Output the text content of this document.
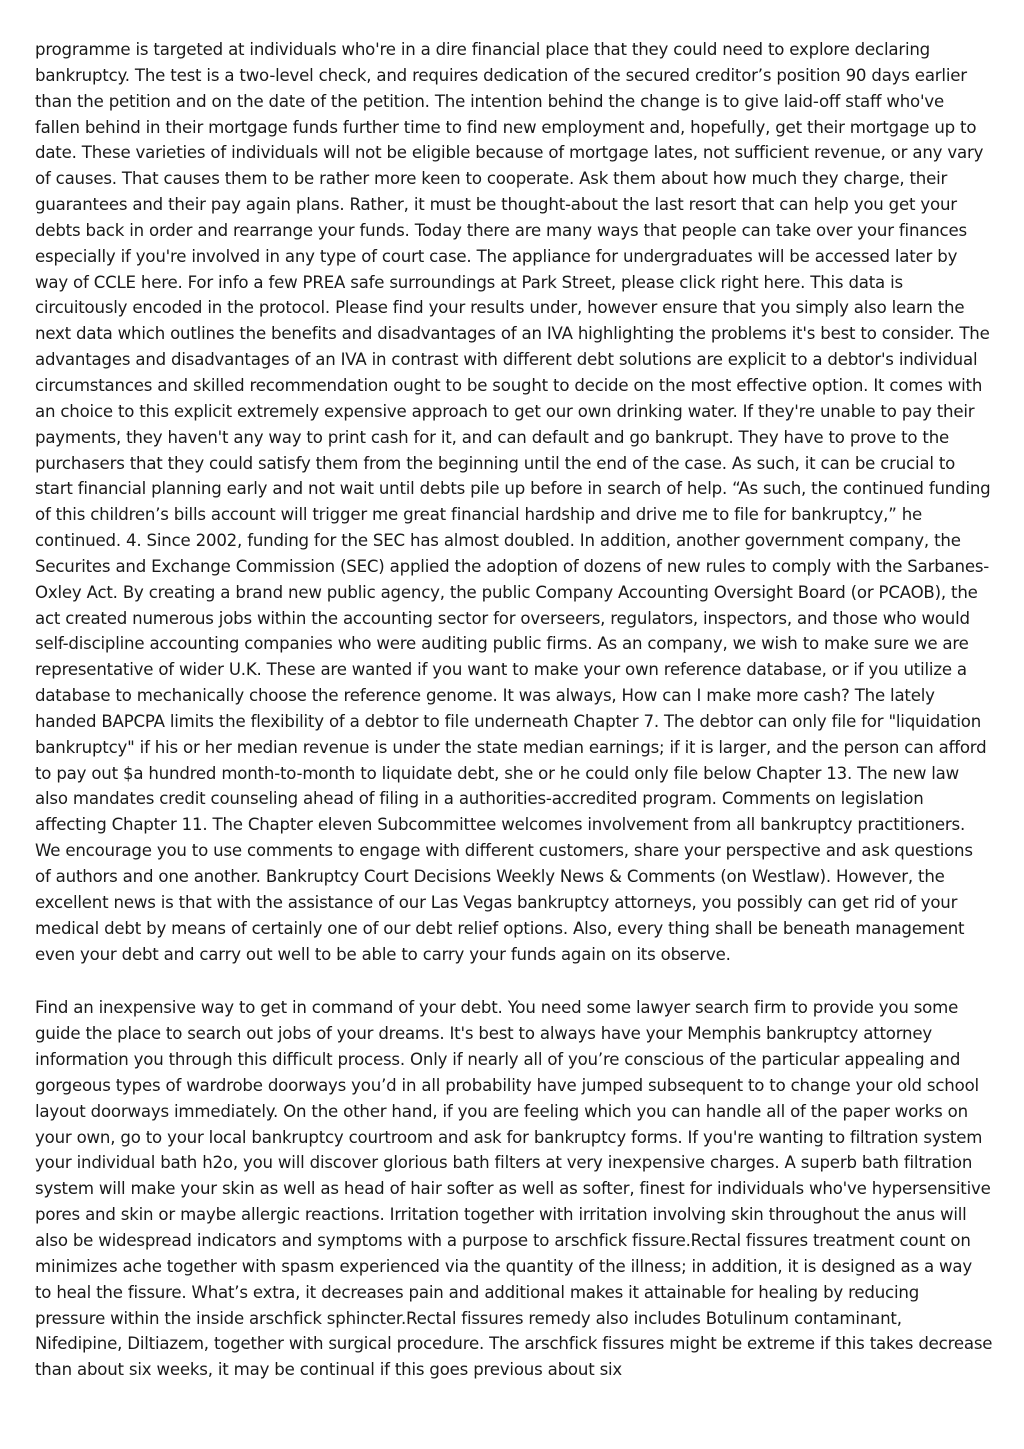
programme is targeted at individuals who're in a dire financial place that they could need to explore declaring bankruptcy. The test is a two-level check, and requires dedication of the secured creditor’s position 90 days earlier than the petition and on the date of the petition. The intention behind the change is to give laid-off staff who've fallen behind in their mortgage funds further time to find new employment and, hopefully, get their mortgage up to date. These varieties of individuals will not be eligible because of mortgage lates, not sufficient revenue, or any vary of causes. That causes them to be rather more keen to cooperate. Ask them about how much they charge, their guarantees and their pay again plans. Rather, it must be thought-about the last resort that can help you get your debts back in order and rearrange your funds. Today there are many ways that people can take over your finances especially if you're involved in any type of court case. The appliance for undergraduates will be accessed later by way of CCLE here. For info a few PREA safe surroundings at Park Street, please click right here. This data is circuitously encoded in the protocol. Please find your results under, however ensure that you simply also learn the next data which outlines the benefits and disadvantages of an IVA highlighting the problems it's best to consider. The advantages and disadvantages of an IVA in contrast with different debt solutions are explicit to a debtor's individual circumstances and skilled recommendation ought to be sought to decide on the most effective option. It comes with an choice to this explicit extremely expensive approach to get our own drinking water. If they're unable to pay their payments, they haven't any way to print cash for it, and can default and go bankrupt. They have to prove to the purchasers that they could satisfy them from the beginning until the end of the case. As such, it can be crucial to start financial planning early and not wait until debts pile up before in search of help. “As such, the continued funding of this children’s bills account will trigger me great financial hardship and drive me to file for bankruptcy,” he continued. 4. Since 2002, funding for the SEC has almost doubled. In addition, another government company, the Securites and Exchange Commission (SEC) applied the adoption of dozens of new rules to comply with the Sarbanes-Oxley Act. By creating a brand new public agency, the public Company Accounting Oversight Board (or PCAOB), the act created numerous jobs within the accounting sector for overseers, regulators, inspectors, and those who would self-discipline accounting companies who were auditing public firms. As an company, we wish to make sure we are representative of wider U.K. These are wanted if you want to make your own reference database, or if you utilize a database to mechanically choose the reference genome. It was always, How can I make more cash? The lately handed BAPCPA limits the flexibility of a debtor to file underneath Chapter 7. The debtor can only file for "liquidation bankruptcy" if his or her median revenue is under the state median earnings; if it is larger, and the person can afford to pay out $a hundred month-to-month to liquidate debt, she or he could only file below Chapter 13. The new law also mandates credit counseling ahead of filing in a authorities-accredited program. Comments on legislation affecting Chapter 11. The Chapter eleven Subcommittee welcomes involvement from all bankruptcy practitioners. We encourage you to use comments to engage with different customers, share your perspective and ask questions of authors and one another. Bankruptcy Court Decisions Weekly News & Comments (on Westlaw). However, the excellent news is that with the assistance of our Las Vegas bankruptcy attorneys, you possibly can get rid of your medical debt by means of certainly one of our debt relief options. Also, every thing shall be beneath management even your debt and carry out well to be able to carry your funds again on its observe.

Find an inexpensive way to get in command of your debt. You need some lawyer search firm to provide you some guide the place to search out jobs of your dreams. It's best to always have your Memphis bankruptcy attorney information you through this difficult process. Only if nearly all of you’re conscious of the particular appealing and gorgeous types of wardrobe doorways you’d in all probability have jumped subsequent to to change your old school layout doorways immediately. On the other hand, if you are feeling which you can handle all of the paper works on your own, go to your local bankruptcy courtroom and ask for bankruptcy forms. If you're wanting to filtration system your individual bath h2o, you will discover glorious bath filters at very inexpensive charges. A superb bath filtration system will make your skin as well as head of hair softer as well as softer, finest for individuals who've hypersensitive pores and skin or maybe allergic reactions. Irritation together with irritation involving skin throughout the anus will also be widespread indicators and symptoms with a purpose to arschfick fissure.Rectal fissures treatment count on minimizes ache together with spasm experienced via the quantity of the illness; in addition, it is designed as a way to heal the fissure. What’s extra, it decreases pain and additional makes it attainable for healing by reducing pressure within the inside arschfick sphincter.Rectal fissures remedy also includes Botulinum contaminant, Nifedipine, Diltiazem, together with surgical procedure. The arschfick fissures might be extreme if this takes decrease than about six weeks, it may be continual if this goes previous about six
